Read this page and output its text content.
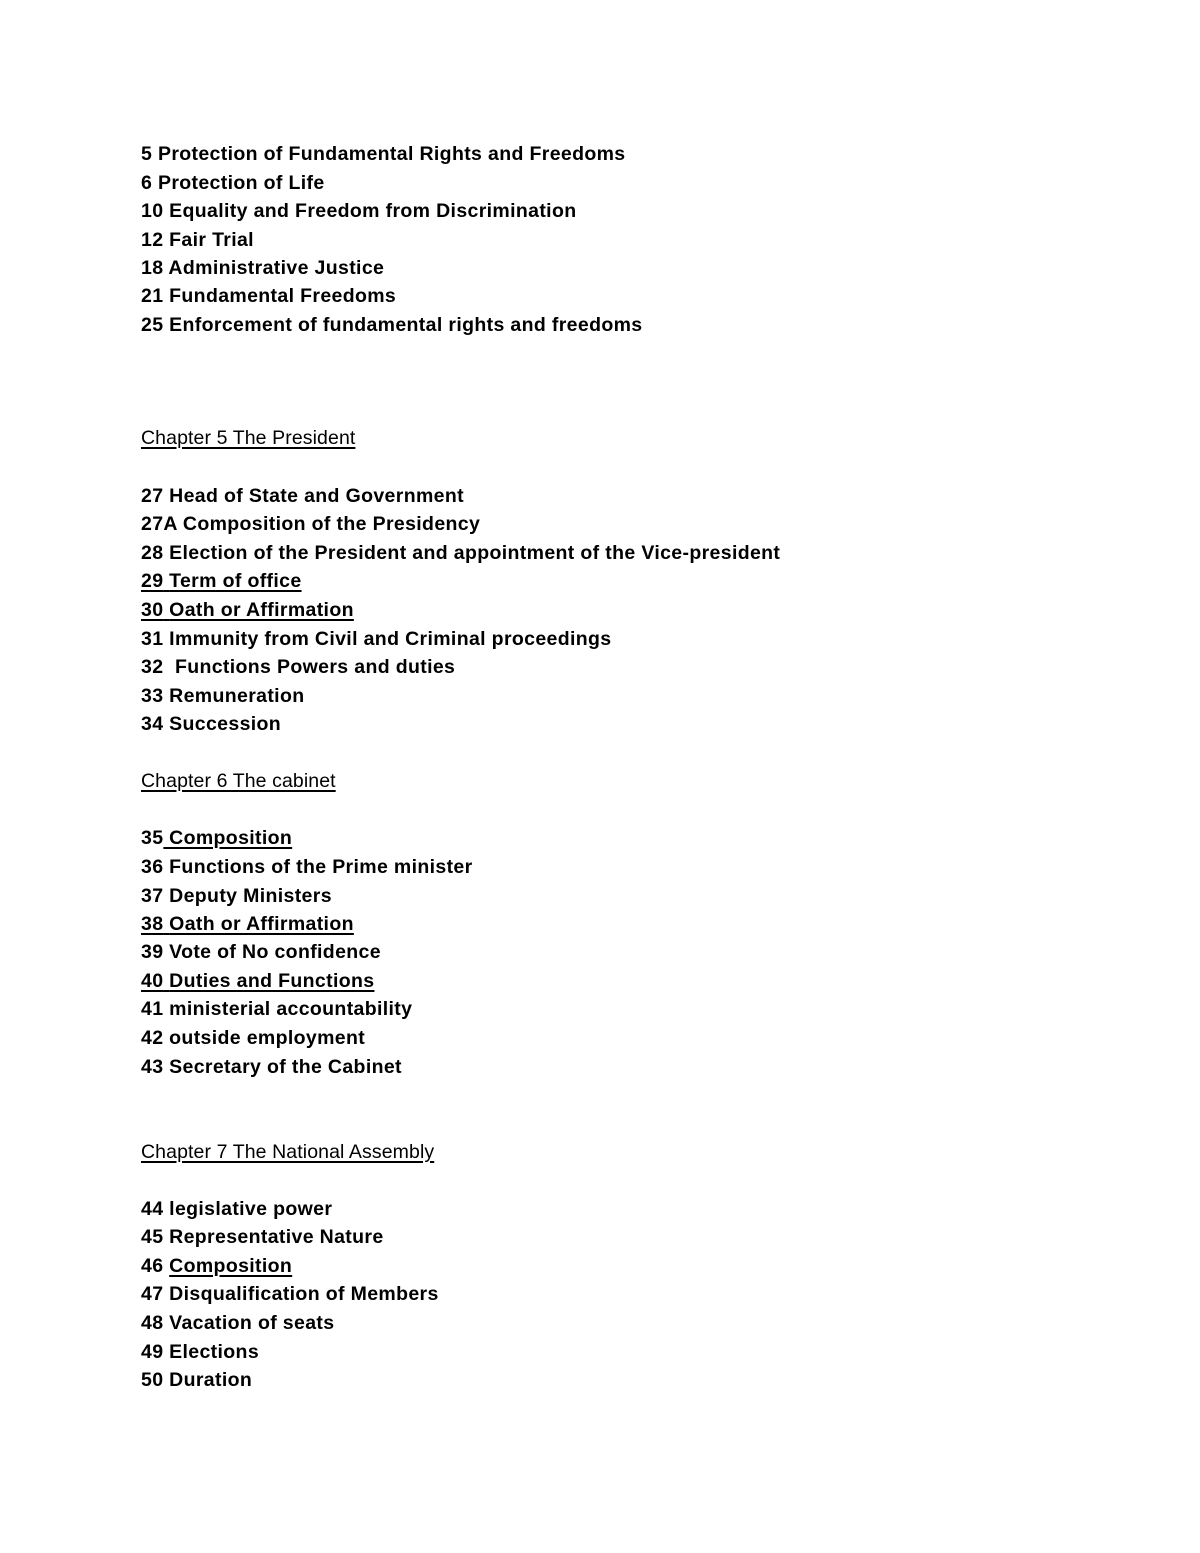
5 Protection of Fundamental Rights and Freedoms
6 Protection of Life
10 Equality and Freedom from Discrimination
12 Fair Trial
18 Administrative Justice
21 Fundamental Freedoms
25 Enforcement of fundamental rights and freedoms
Chapter 5 The President
27 Head of State and Government
27A Composition of the Presidency
28 Election of the President and appointment of the Vice-president
29 Term of office
30 Oath or Affirmation
31 Immunity from Civil and Criminal proceedings
32  Functions Powers and duties
33 Remuneration
34 Succession
Chapter 6 The cabinet
35 Composition
36 Functions of the Prime minister
37 Deputy Ministers
38 Oath or Affirmation
39 Vote of No confidence
40 Duties and Functions
41 ministerial accountability
42 outside employment
43 Secretary of the Cabinet
Chapter 7 The National Assembly
44 legislative power
45 Representative Nature
46 Composition
47 Disqualification of Members
48 Vacation of seats
49 Elections
50 Duration
